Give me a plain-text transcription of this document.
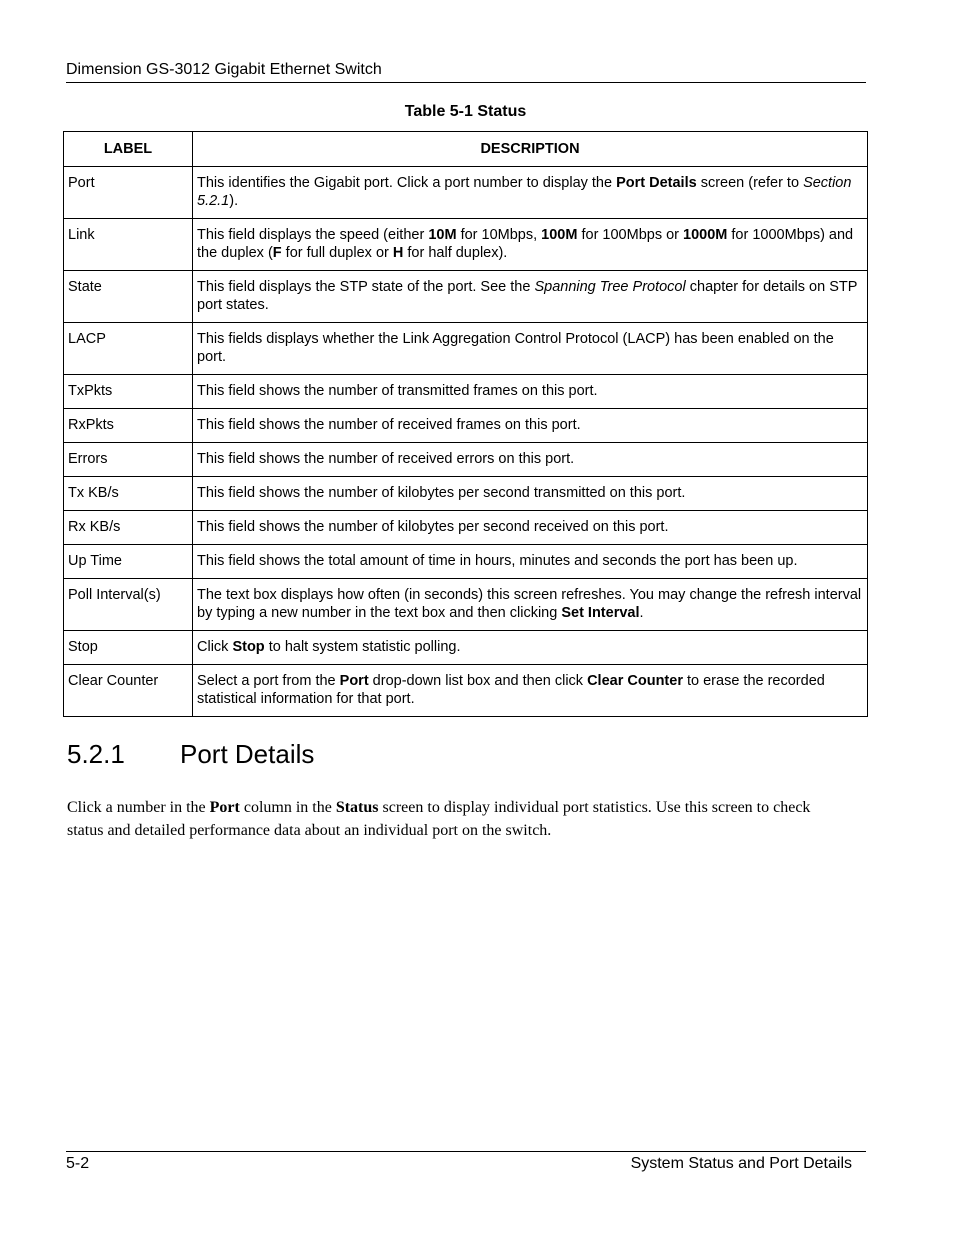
Dimension GS-3012 Gigabit Ethernet Switch
Table 5-1 Status
LABEL	DESCRIPTION
Port	This identifies the Gigabit port. Click a port number to display the Port Details screen (refer to Section 5.2.1).
Link	This field displays the speed (either 10M for 10Mbps, 100M for 100Mbps or 1000M for 1000Mbps) and the duplex (F for full duplex or H for half duplex).
State	This field displays the STP state of the port. See the Spanning Tree Protocol chapter for details on STP port states.
LACP	This fields displays whether the Link Aggregation Control Protocol (LACP) has been enabled on the port.
TxPkts	This field shows the number of transmitted frames on this port.
RxPkts	This field shows the number of received frames on this port.
Errors	This field shows the number of received errors on this port.
Tx KB/s	This field shows the number of kilobytes per second transmitted on this port.
Rx KB/s	This field shows the number of kilobytes per second received on this port.
Up Time	This field shows the total amount of time in hours, minutes and seconds the port has been up.
Poll Interval(s)	The text box displays how often (in seconds) this screen refreshes. You may change the refresh interval by typing a new number in the text box and then clicking Set Interval.
Stop	Click Stop to halt system statistic polling.
Clear Counter	Select a port from the Port drop-down list box and then click Clear Counter to erase the recorded statistical information for that port.
5.2.1 Port Details

Click a number in the Port column in the Status screen to display individual port statistics. Use this screen to check status and detailed performance data about an individual port on the switch.

5-2	System Status and Port Details
